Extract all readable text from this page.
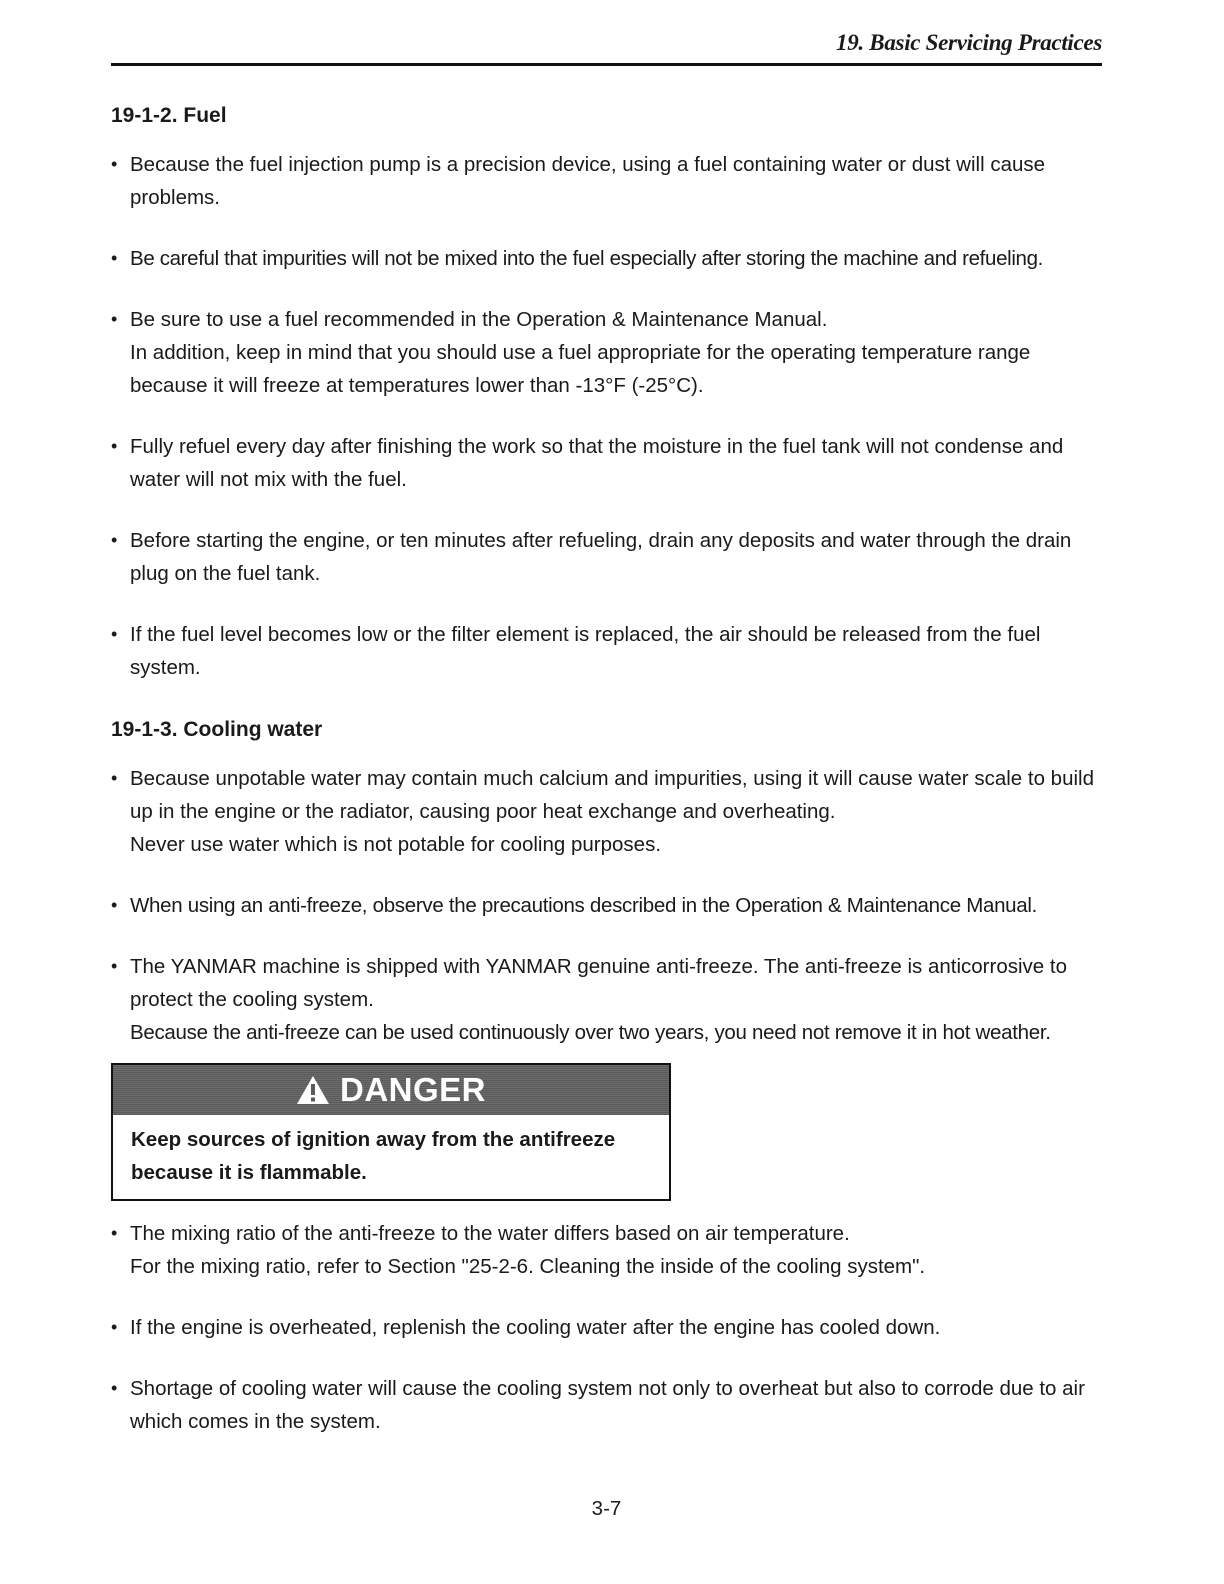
19. Basic Servicing Practices
19-1-2. Fuel
• Because the fuel injection pump is a precision device, using a fuel containing water or dust will cause problems.

• Be careful that impurities will not be mixed into the fuel especially after storing the machine and refueling.

• Be sure to use a fuel recommended in the Operation & Maintenance Manual.

In addition, keep in mind that you should use a fuel appropriate for the operating temperature range because it will freeze at temperatures lower than -13°F (-25°C).

• Fully refuel every day after finishing the work so that the moisture in the fuel tank will not condense and water will not mix with the fuel.

• Before starting the engine, or ten minutes after refueling, drain any deposits and water through the drain plug on the fuel tank.

• If the fuel level becomes low or the filter element is replaced, the air should be released from the fuel system.

19-1-3. Cooling water
• Because unpotable water may contain much calcium and impurities, using it will cause water scale to build up in the engine or the radiator, causing poor heat exchange and overheating.

Never use water which is not potable for cooling purposes.

• When using an anti-freeze, observe the precautions described in the Operation & Maintenance Manual.

• The YANMAR machine is shipped with YANMAR genuine anti-freeze. The anti-freeze is anticorrosive to protect the cooling system.

Because the anti-freeze can be used continuously over two years, you need not remove it in hot weather.

DANGER
Keep sources of ignition away from the antifreeze because it is flammable.
• The mixing ratio of the anti-freeze to the water differs based on air temperature.

For the mixing ratio, refer to Section "25-2-6. Cleaning the inside of the cooling system".

• If the engine is overheated, replenish the cooling water after the engine has cooled down.

• Shortage of cooling water will cause the cooling system not only to overheat but also to corrode due to air which comes in the system.

3-7
